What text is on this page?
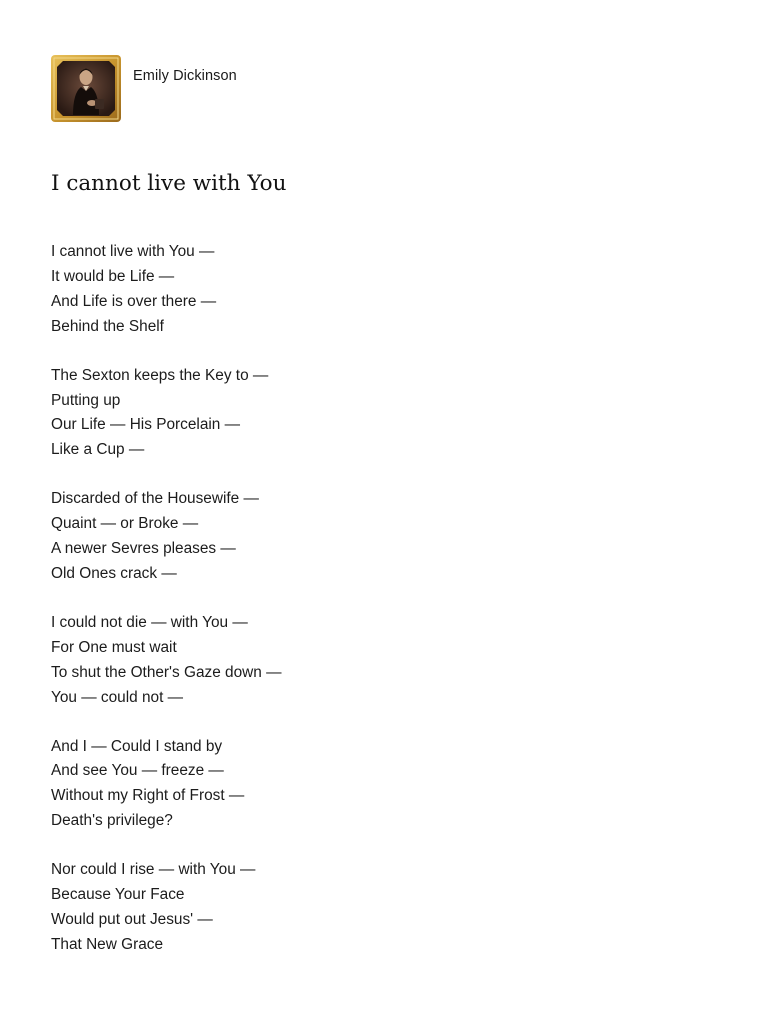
Emily Dickinson
I cannot live with You
I cannot live with You —
It would be Life —
And Life is over there —
Behind the Shelf
The Sexton keeps the Key to —
Putting up
Our Life — His Porcelain —
Like a Cup —
Discarded of the Housewife —
Quaint — or Broke —
A newer Sevres pleases —
Old Ones crack —
I could not die — with You —
For One must wait
To shut the Other's Gaze down —
You — could not —
And I — Could I stand by
And see You — freeze —
Without my Right of Frost —
Death's privilege?
Nor could I rise — with You —
Because Your Face
Would put out Jesus' —
That New Grace
